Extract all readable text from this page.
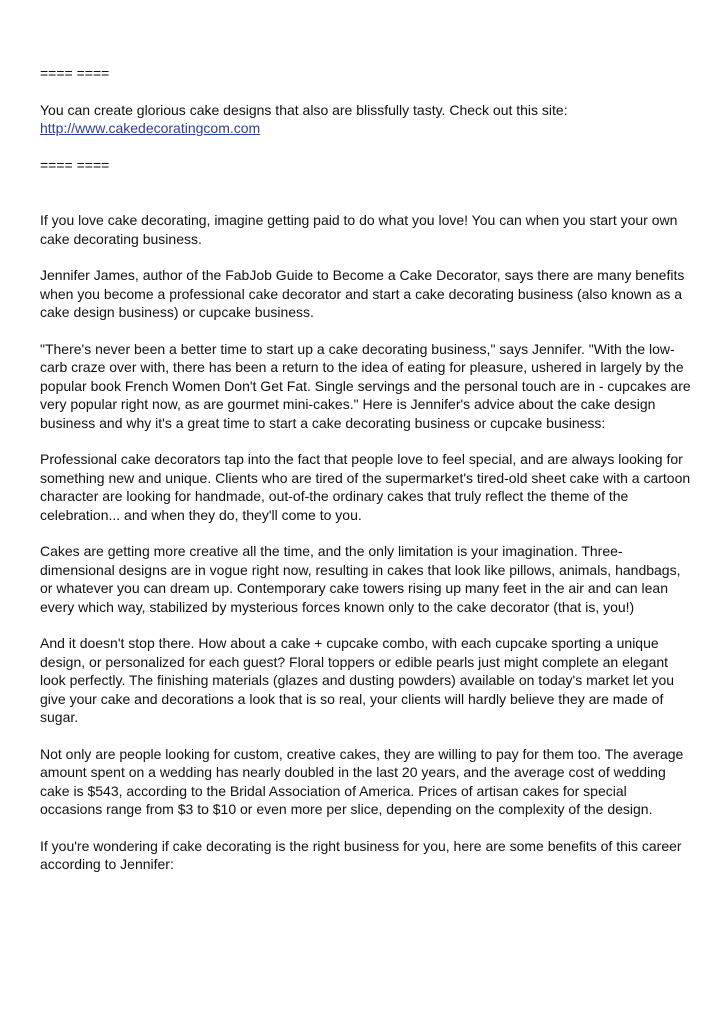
==== ====

You can create glorious cake designs that also are blissfully tasty. Check out this site:
http://www.cakedecoratingcom.com

==== ====

If you love cake decorating, imagine getting paid to do what you love! You can when you start your own cake decorating business.

Jennifer James, author of the FabJob Guide to Become a Cake Decorator, says there are many benefits when you become a professional cake decorator and start a cake decorating business (also known as a cake design business) or cupcake business.

"There's never been a better time to start up a cake decorating business," says Jennifer. "With the low-carb craze over with, there has been a return to the idea of eating for pleasure, ushered in largely by the popular book French Women Don't Get Fat. Single servings and the personal touch are in - cupcakes are very popular right now, as are gourmet mini-cakes." Here is Jennifer's advice about the cake design business and why it's a great time to start a cake decorating business or cupcake business:

Professional cake decorators tap into the fact that people love to feel special, and are always looking for something new and unique. Clients who are tired of the supermarket's tired-old sheet cake with a cartoon character are looking for handmade, out-of-the ordinary cakes that truly reflect the theme of the celebration... and when they do, they'll come to you.

Cakes are getting more creative all the time, and the only limitation is your imagination. Three-dimensional designs are in vogue right now, resulting in cakes that look like pillows, animals, handbags, or whatever you can dream up. Contemporary cake towers rising up many feet in the air and can lean every which way, stabilized by mysterious forces known only to the cake decorator (that is, you!)

And it doesn't stop there. How about a cake + cupcake combo, with each cupcake sporting a unique design, or personalized for each guest? Floral toppers or edible pearls just might complete an elegant look perfectly. The finishing materials (glazes and dusting powders) available on today's market let you give your cake and decorations a look that is so real, your clients will hardly believe they are made of sugar.

Not only are people looking for custom, creative cakes, they are willing to pay for them too. The average amount spent on a wedding has nearly doubled in the last 20 years, and the average cost of wedding cake is $543, according to the Bridal Association of America. Prices of artisan cakes for special occasions range from $3 to $10 or even more per slice, depending on the complexity of the design.

If you're wondering if cake decorating is the right business for you, here are some benefits of this career according to Jennifer:
